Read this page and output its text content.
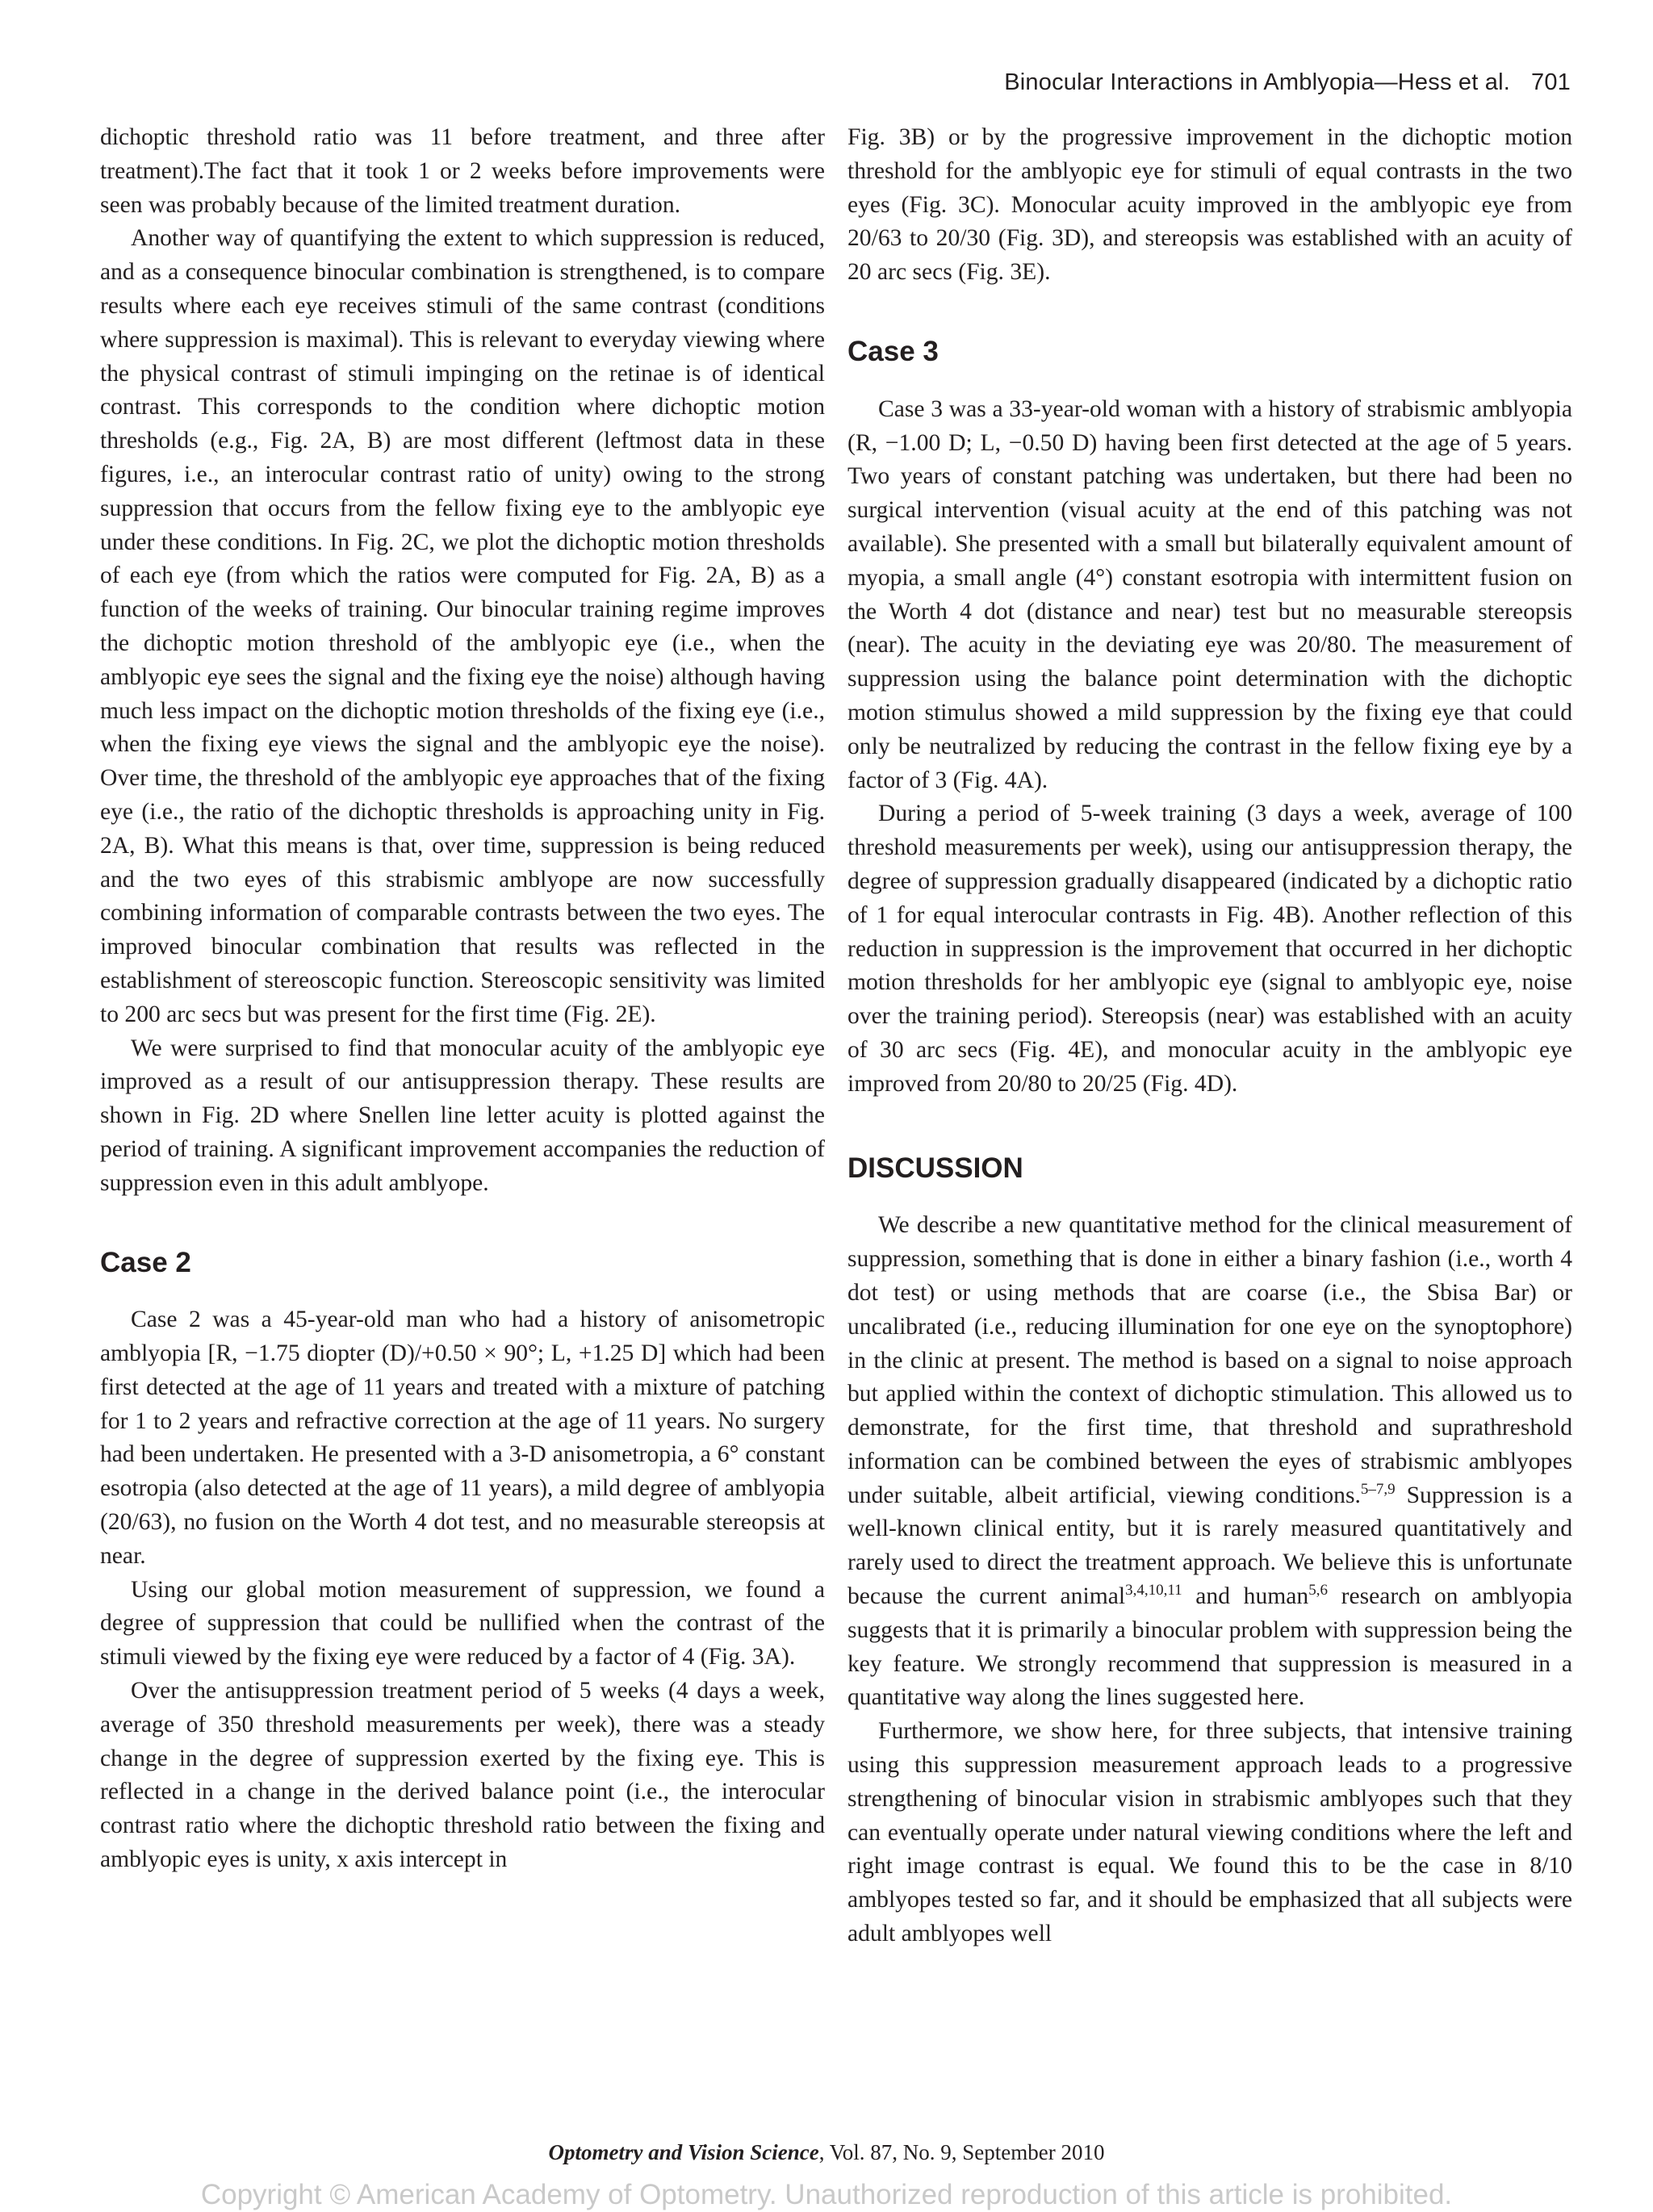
Binocular Interactions in Amblyopia—Hess et al. 701

dichoptic threshold ratio was 11 before treatment, and three after treatment).The fact that it took 1 or 2 weeks before improvements were seen was probably because of the limited treatment duration.

Another way of quantifying the extent to which suppression is reduced, and as a consequence binocular combination is strengthened, is to compare results where each eye receives stimuli of the same contrast (conditions where suppression is maximal). This is relevant to everyday viewing where the physical contrast of stimuli impinging on the retinae is of identical contrast. This corresponds to the condition where dichoptic motion thresholds (e.g., Fig. 2A, B) are most different (leftmost data in these figures, i.e., an interocular contrast ratio of unity) owing to the strong suppression that occurs from the fellow fixing eye to the amblyopic eye under these conditions. In Fig. 2C, we plot the dichoptic motion thresholds of each eye (from which the ratios were computed for Fig. 2A, B) as a function of the weeks of training. Our binocular training regime improves the dichoptic motion threshold of the amblyopic eye (i.e., when the amblyopic eye sees the signal and the fixing eye the noise) although having much less impact on the dichoptic motion thresholds of the fixing eye (i.e., when the fixing eye views the signal and the amblyopic eye the noise). Over time, the threshold of the amblyopic eye approaches that of the fixing eye (i.e., the ratio of the dichoptic thresholds is approaching unity in Fig. 2A, B). What this means is that, over time, suppression is being reduced and the two eyes of this strabismic amblyope are now successfully combining information of comparable contrasts between the two eyes. The improved binocular combination that results was reflected in the establishment of stereoscopic function. Stereoscopic sensitivity was limited to 200 arc secs but was present for the first time (Fig. 2E).

We were surprised to find that monocular acuity of the amblyopic eye improved as a result of our antisuppression therapy. These results are shown in Fig. 2D where Snellen line letter acuity is plotted against the period of training. A significant improvement accompanies the reduction of suppression even in this adult amblyope.

Case 2

Case 2 was a 45-year-old man who had a history of anisometropic amblyopia [R, −1.75 diopter (D)/+0.50 × 90°; L, +1.25 D] which had been first detected at the age of 11 years and treated with a mixture of patching for 1 to 2 years and refractive correction at the age of 11 years. No surgery had been undertaken. He presented with a 3-D anisometropia, a 6° constant esotropia (also detected at the age of 11 years), a mild degree of amblyopia (20/63), no fusion on the Worth 4 dot test, and no measurable stereopsis at near.

Using our global motion measurement of suppression, we found a degree of suppression that could be nullified when the contrast of the stimuli viewed by the fixing eye were reduced by a factor of 4 (Fig. 3A).

Over the antisuppression treatment period of 5 weeks (4 days a week, average of 350 threshold measurements per week), there was a steady change in the degree of suppression exerted by the fixing eye. This is reflected in a change in the derived balance point (i.e., the interocular contrast ratio where the dichoptic threshold ratio between the fixing and amblyopic eyes is unity, x axis intercept in

Fig. 3B) or by the progressive improvement in the dichoptic motion threshold for the amblyopic eye for stimuli of equal contrasts in the two eyes (Fig. 3C). Monocular acuity improved in the amblyopic eye from 20/63 to 20/30 (Fig. 3D), and stereopsis was established with an acuity of 20 arc secs (Fig. 3E).

Case 3

Case 3 was a 33-year-old woman with a history of strabismic amblyopia (R, −1.00 D; L, −0.50 D) having been first detected at the age of 5 years. Two years of constant patching was undertaken, but there had been no surgical intervention (visual acuity at the end of this patching was not available). She presented with a small but bilaterally equivalent amount of myopia, a small angle (4°) constant esotropia with intermittent fusion on the Worth 4 dot (distance and near) test but no measurable stereopsis (near). The acuity in the deviating eye was 20/80. The measurement of suppression using the balance point determination with the dichoptic motion stimulus showed a mild suppression by the fixing eye that could only be neutralized by reducing the contrast in the fellow fixing eye by a factor of 3 (Fig. 4A).

During a period of 5-week training (3 days a week, average of 100 threshold measurements per week), using our antisuppression therapy, the degree of suppression gradually disappeared (indicated by a dichoptic ratio of 1 for equal interocular contrasts in Fig. 4B). Another reflection of this reduction in suppression is the improvement that occurred in her dichoptic motion thresholds for her amblyopic eye (signal to amblyopic eye, noise over the training period). Stereopsis (near) was established with an acuity of 30 arc secs (Fig. 4E), and monocular acuity in the amblyopic eye improved from 20/80 to 20/25 (Fig. 4D).

DISCUSSION

We describe a new quantitative method for the clinical measurement of suppression, something that is done in either a binary fashion (i.e., worth 4 dot test) or using methods that are coarse (i.e., the Sbisa Bar) or uncalibrated (i.e., reducing illumination for one eye on the synoptophore) in the clinic at present. The method is based on a signal to noise approach but applied within the context of dichoptic stimulation. This allowed us to demonstrate, for the first time, that threshold and suprathreshold information can be combined between the eyes of strabismic amblyopes under suitable, albeit artificial, viewing conditions.$^{5-7,9}$ Suppression is a well-known clinical entity, but it is rarely measured quantitatively and rarely used to direct the treatment approach. We believe this is unfortunate because the current animal$^{3,4,10,11}$ and human$^{5,6}$ research on amblyopia suggests that it is primarily a binocular problem with suppression being the key feature. We strongly recommend that suppression is measured in a quantitative way along the lines suggested here.

Furthermore, we show here, for three subjects, that intensive training using this suppression measurement approach leads to a progressive strengthening of binocular vision in strabismic amblyopes such that they can eventually operate under natural viewing conditions where the left and right image contrast is equal. We found this to be the case in 8/10 amblyopes tested so far, and it should be emphasized that all subjects were adult amblyopes well

Optometry and Vision Science, Vol. 87, No. 9, September 2010
Copyright © American Academy of Optometry. Unauthorized reproduction of this article is prohibited.
